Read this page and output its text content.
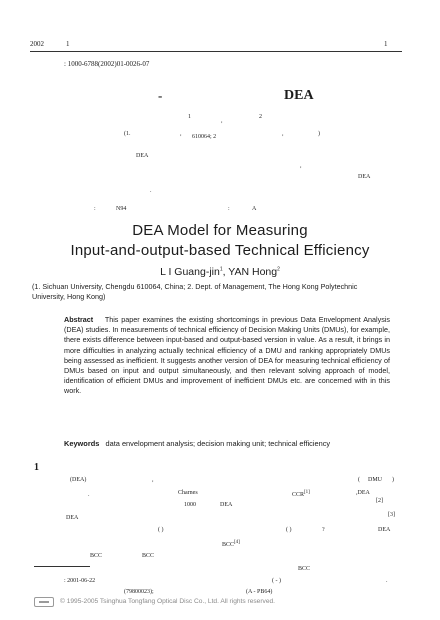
2002	1	1
: 1000-6788(2002)01-0026-07
-	DEA
1
,
2
(1.	, 610064; 2	,	)
DEA
DEA
,
.
:	N94	:	A
DEA Model for Measuring
Input-and-output-based Technical Efficiency
L I Guang-jin$^1$, YAN Hong$^2$
(1. Sichuan University, Chengdu 610064, China; 2. Dept. of Management, The Hong Kong Polytechnic
University, Hong Kong)
Abstract This paper examines the existing shortcomings in previous Data Envelopment Analysis (DEA) studies. In measurements of technical efficiency of Decision Making Units (DMUs), for example, there exists difference between input-based and output-based version in value. As a result, it brings in more difficulties in analyzing actually technical efficiency of a DMU and ranking appropriately DMUs being assessed as inefficient. It suggests another version of DEA for measuring technical efficiency of DMUs based on input and output simultaneously, and then relevant solving approach of model, identification of efficient DMUs and improvement of inefficient DMUs etc. are concerned with in this work.
Keywords data envelopment analysis; decision making unit; technical efficiency
1
(DEA)	,	( DMU )
.	Charnes	CCR[1]	,DEA
1000	DEA
[2]
DEA	[3]
( )	( )	?	DEA
BCC[4]
BCC	BCC
BCC
( - )	.
: 2001-06-22
(79800023);	(A - PB64)
© 1995-2005 Tsinghua Tongfang Optical Disc Co., Ltd. All rights reserved.
